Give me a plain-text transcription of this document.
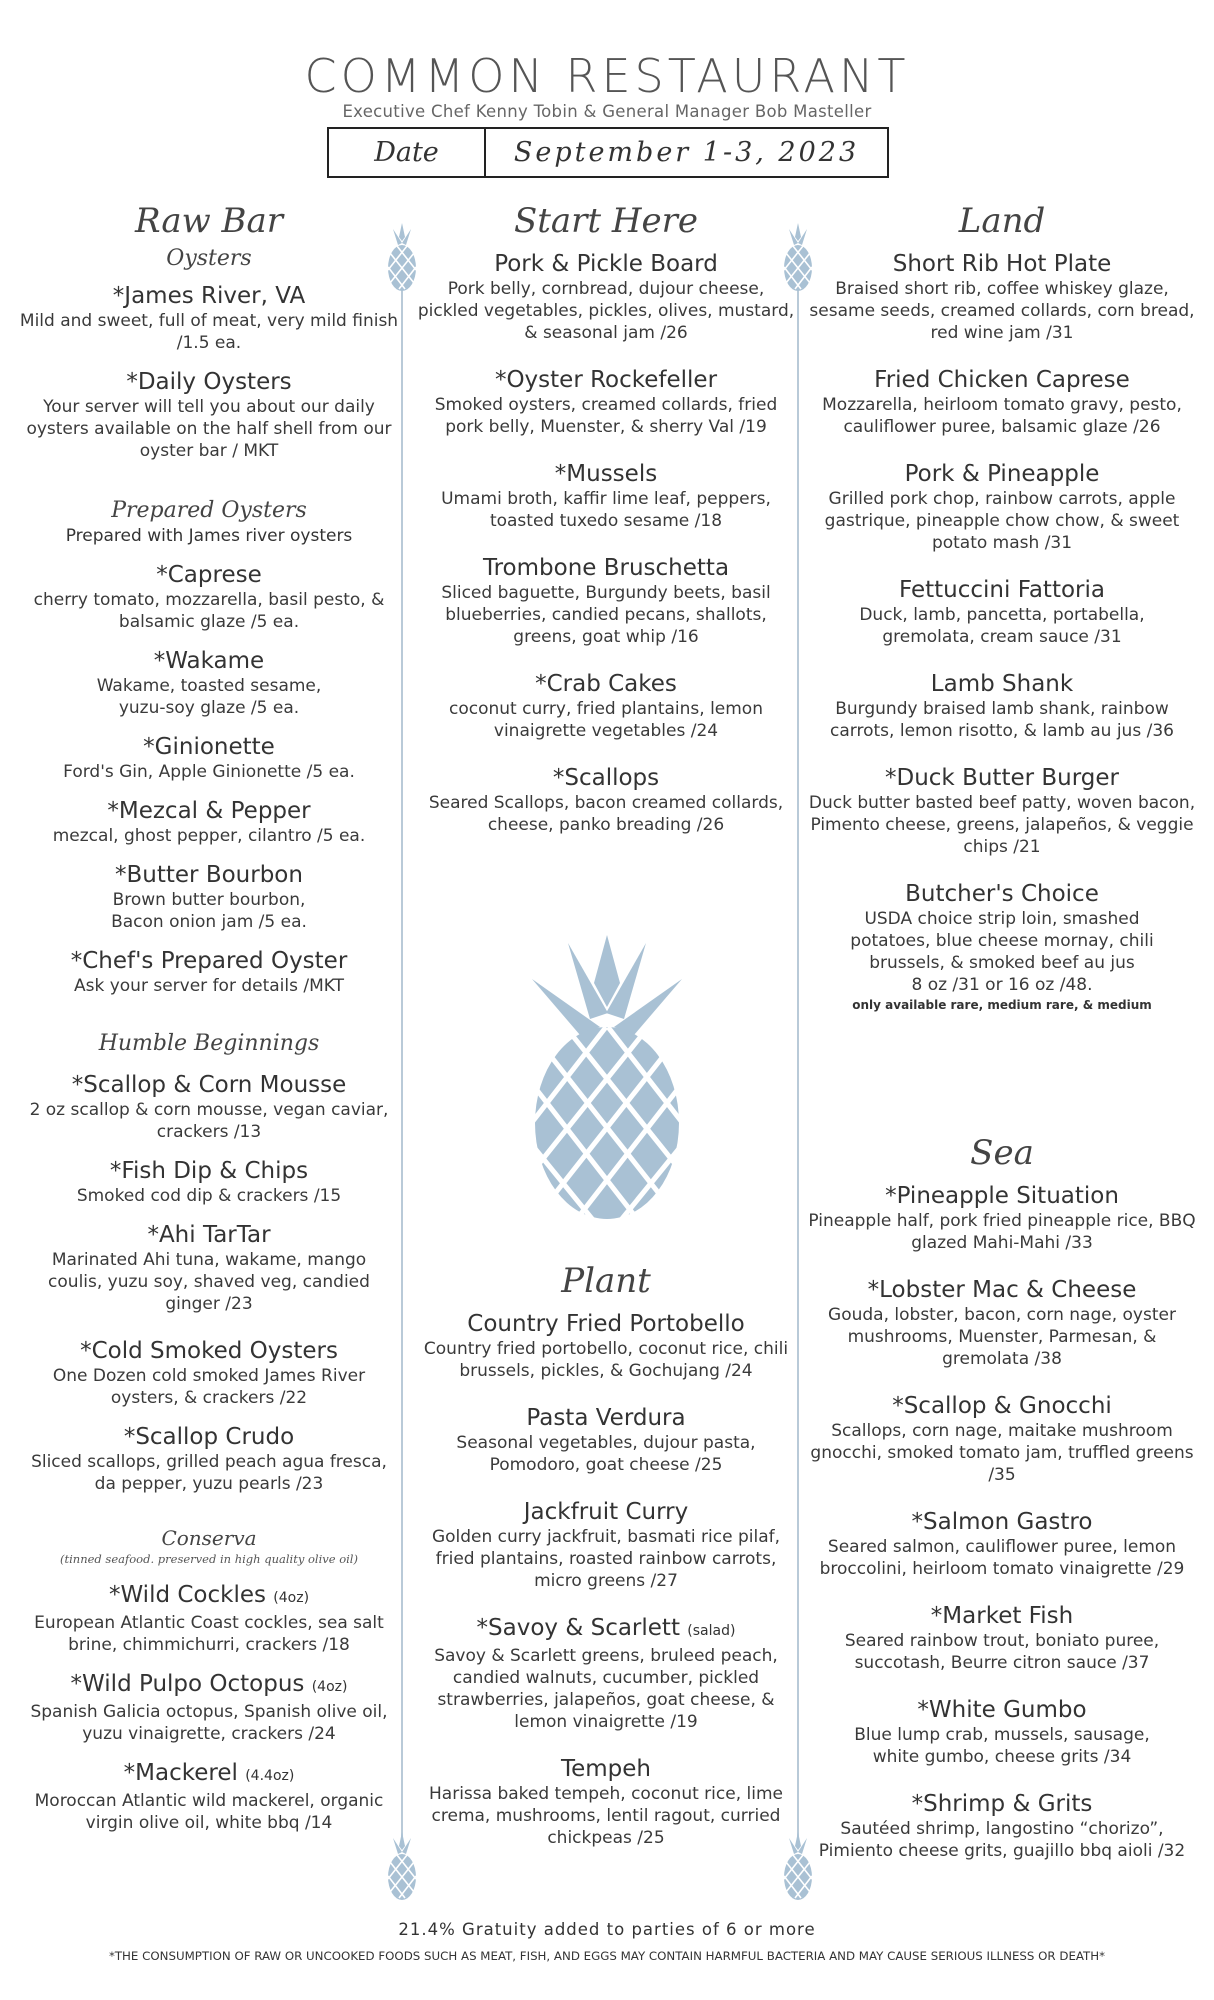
COMMON RESTAURANT
Executive Chef Kenny Tobin & General Manager Bob Masteller
Date	September 1-3, 2023
Raw Bar
Oysters
*James River, VA
Mild and sweet, full of meat, very mild finish /1.5 ea.
*Daily Oysters
Your server will tell you about our daily oysters available on the half shell from our oyster bar / MKT
Prepared Oysters
Prepared with James river oysters
*Caprese
cherry tomato, mozzarella, basil pesto, & balsamic glaze /5 ea.
*Wakame
Wakame, toasted sesame, yuzu-soy glaze /5 ea.
*Ginionette
Ford's Gin, Apple Ginionette /5 ea.
*Mezcal & Pepper
mezcal, ghost pepper, cilantro /5 ea.
*Butter Bourbon
Brown butter bourbon, Bacon onion jam /5 ea.
*Chef's Prepared Oyster
Ask your server for details /MKT
Humble Beginnings
*Scallop & Corn Mousse
2 oz scallop & corn mousse, vegan caviar, crackers /13
*Fish Dip & Chips
Smoked cod dip & crackers /15
*Ahi TarTar
Marinated Ahi tuna, wakame, mango coulis, yuzu soy, shaved veg, candied ginger /23
*Cold Smoked Oysters
One Dozen cold smoked James River oysters, & crackers /22
*Scallop Crudo
Sliced scallops, grilled peach agua fresca, da pepper, yuzu pearls /23
Conserva
(tinned seafood. preserved in high quality olive oil)
*Wild Cockles (4oz)
European Atlantic Coast cockles, sea salt brine, chimmichurri, crackers /18
*Wild Pulpo Octopus (4oz)
Spanish Galicia octopus, Spanish olive oil, yuzu vinaigrette, crackers /24
*Mackerel (4.4oz)
Moroccan Atlantic wild mackerel, organic virgin olive oil, white bbq /14
Start Here
Pork & Pickle Board
Pork belly, cornbread, dujour cheese, pickled vegetables, pickles, olives, mustard, & seasonal jam /26
*Oyster Rockefeller
Smoked oysters, creamed collards, fried pork belly, Muenster, & sherry Val /19
*Mussels
Umami broth, kaffir lime leaf, peppers, toasted tuxedo sesame /18
Trombone Bruschetta
Sliced baguette, Burgundy beets, basil blueberries, candied pecans, shallots, greens, goat whip /16
*Crab Cakes
coconut curry, fried plantains, lemon vinaigrette vegetables /24
*Scallops
Seared Scallops, bacon creamed collards, cheese, panko breading /26
Plant
Country Fried Portobello
Country fried portobello, coconut rice, chili brussels, pickles, & Gochujang /24
Pasta Verdura
Seasonal vegetables, dujour pasta, Pomodoro, goat cheese /25
Jackfruit Curry
Golden curry jackfruit, basmati rice pilaf, fried plantains, roasted rainbow carrots, micro greens /27
*Savoy & Scarlett (salad)
Savoy & Scarlett greens, bruleed peach, candied walnuts, cucumber, pickled strawberries, jalapeños, goat cheese, & lemon vinaigrette /19
Tempeh
Harissa baked tempeh, coconut rice, lime crema, mushrooms, lentil ragout, curried chickpeas /25
Land
Short Rib Hot Plate
Braised short rib, coffee whiskey glaze, sesame seeds, creamed collards, corn bread, red wine jam /31
Fried Chicken Caprese
Mozzarella, heirloom tomato gravy, pesto, cauliflower puree, balsamic glaze /26
Pork & Pineapple
Grilled pork chop, rainbow carrots, apple gastrique, pineapple chow chow, & sweet potato mash /31
Fettuccini Fattoria
Duck, lamb, pancetta, portabella, gremolata, cream sauce /31
Lamb Shank
Burgundy braised lamb shank, rainbow carrots, lemon risotto, & lamb au jus /36
*Duck Butter Burger
Duck butter basted beef patty, woven bacon, Pimento cheese, greens, jalapeños, & veggie chips /21
Butcher's Choice
USDA choice strip loin, smashed potatoes, blue cheese mornay, chili brussels, & smoked beef au jus
8 oz /31 or 16 oz /48.
only available rare, medium rare, & medium
Sea
*Pineapple Situation
Pineapple half, pork fried pineapple rice, BBQ glazed Mahi-Mahi /33
*Lobster Mac & Cheese
Gouda, lobster, bacon, corn nage, oyster mushrooms, Muenster, Parmesan, & gremolata /38
*Scallop & Gnocchi
Scallops, corn nage, maitake mushroom gnocchi, smoked tomato jam, truffled greens /35
*Salmon Gastro
Seared salmon, cauliflower puree, lemon broccolini, heirloom tomato vinaigrette /29
*Market Fish
Seared rainbow trout, boniato puree, succotash, Beurre citron sauce /37
*White Gumbo
Blue lump crab, mussels, sausage, white gumbo, cheese grits /34
*Shrimp & Grits
Sautéed shrimp, langostino “chorizo”, Pimiento cheese grits, guajillo bbq aioli /32
21.4% Gratuity added to parties of 6 or more
*THE CONSUMPTION OF RAW OR UNCOOKED FOODS SUCH AS MEAT, FISH, AND EGGS MAY CONTAIN HARMFUL BACTERIA AND MAY CAUSE SERIOUS ILLNESS OR DEATH*
